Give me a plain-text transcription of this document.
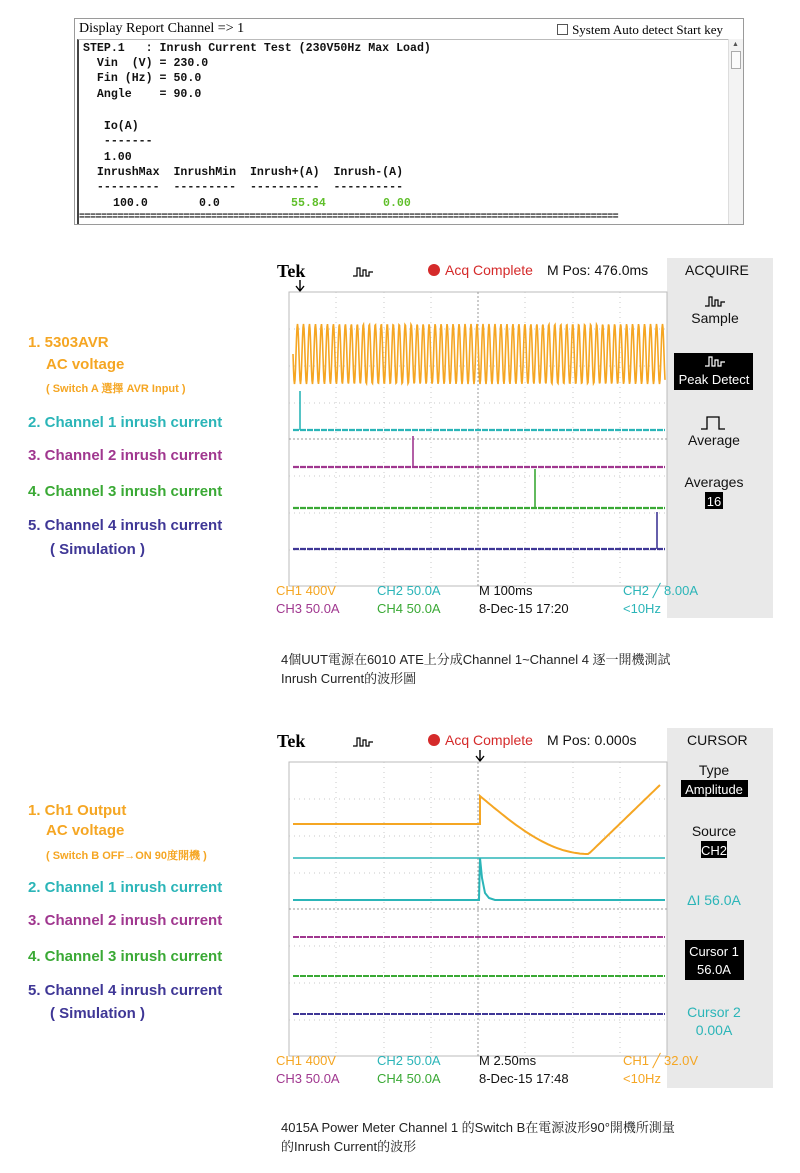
Display Report Channel => 1	System Auto detect Start key
STEP.1   : Inrush Current Test (230V50Hz Max Load)
Vin  (V) = 230.0
Fin (Hz) = 50.0
Angle    = 90.0
Io(A)
-------
1.00
InrushMax  InrushMin  Inrush+(A)  Inrush-(A)
---------  ---------  ----------  ----------
100.0	0.0	55.84	0.00
==================================================================================================
▲
1. 5303AVR
AC voltage
( Switch A 選擇 AVR Input )
2. Channel 1 inrush current
3. Channel 2 inrush current
4. Channel 3 inrush current
5. Channel 4 inrush current
( Simulation )
Tek	Acq Complete M Pos: 476.0ms	ACQUIRE
Sample
Peak Detect
Average
Averages
16
CH1 400V	CH2 50.0A
CH3 50.0A	CH4 50.0A
M 100ms
8-Dec-15 17:20
CH2 ╱ 8.00A
<10Hz
4個UUT電源在6010 ATE上分成Channel 1~Channel 4 逐一開機測試
Inrush Current的波形圖
1. Ch1 Output
AC voltage
( Switch B OFF→ON 90度開機 )
2. Channel 1 inrush current
3. Channel 2 inrush current
4. Channel 3 inrush current
5. Channel 4 inrush current
( Simulation )
Tek	Acq Complete M Pos: 0.000s	CURSOR
Type
Amplitude
Source
CH2
ΔI 56.0A
Cursor 1
56.0A
Cursor 2
0.00A
CH1 400V	CH2 50.0A
CH3 50.0A	CH4 50.0A
M 2.50ms
8-Dec-15 17:48
CH1 ╱ 32.0V
<10Hz
4015A Power Meter Channel 1 的Switch B在電源波形90°開機所測量
的Inrush Current的波形
